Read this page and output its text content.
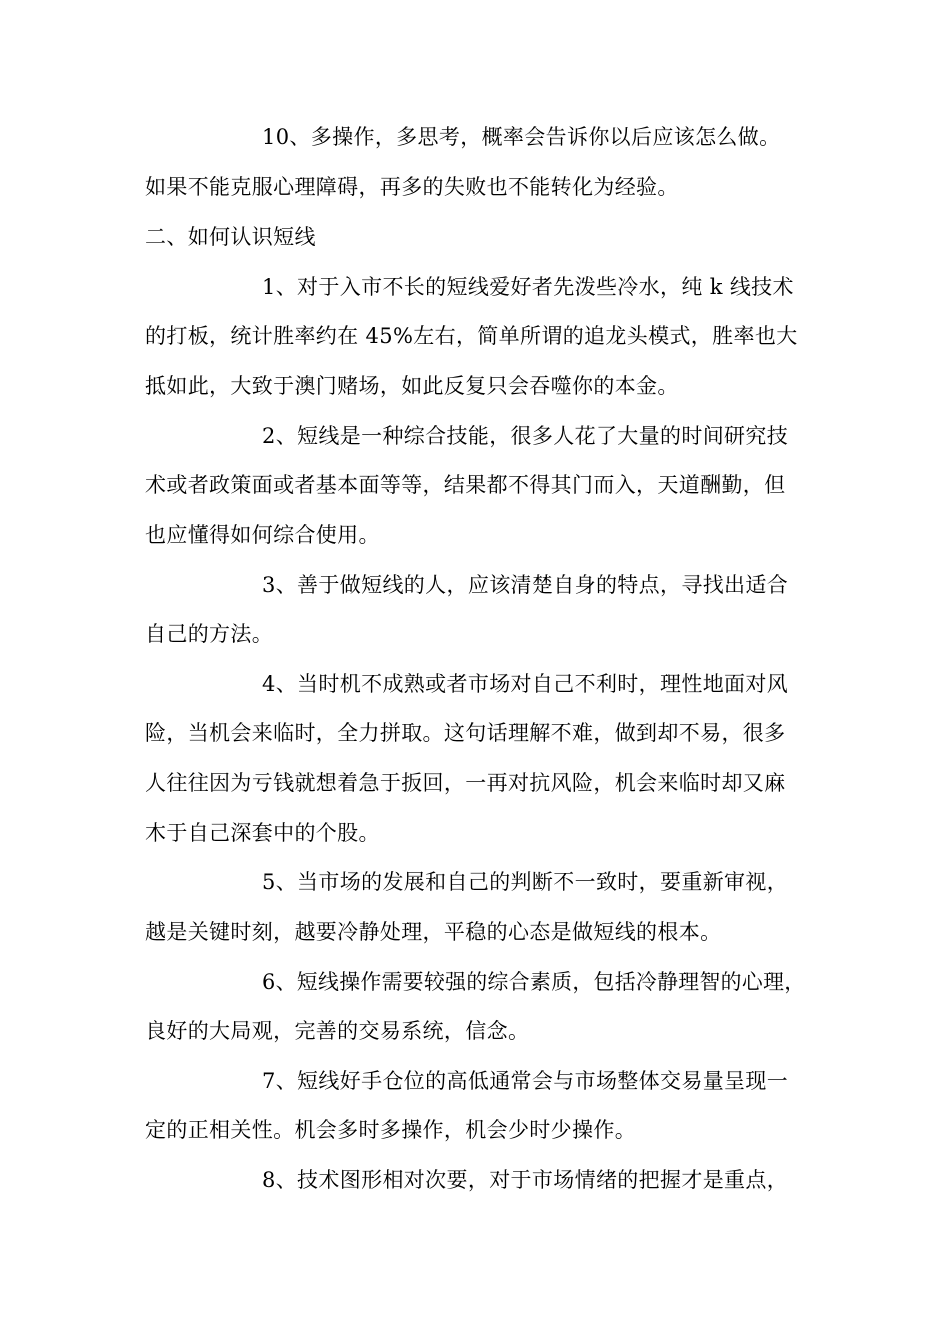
10、多操作，多思考，概率会告诉你以后应该怎么做。
如果不能克服心理障碍，再多的失败也不能转化为经验。
二、如何认识短线
1、对于入市不长的短线爱好者先泼些冷水，纯 k 线技术
的打板，统计胜率约在 45%左右，简单所谓的追龙头模式，胜率也大
抵如此，大致于澳门赌场，如此反复只会吞噬你的本金。
2、短线是一种综合技能，很多人花了大量的时间研究技
术或者政策面或者基本面等等，结果都不得其门而入，天道酬勤，但
也应懂得如何综合使用。
3、善于做短线的人，应该清楚自身的特点，寻找出适合
自己的方法。
4、当时机不成熟或者市场对自己不利时，理性地面对风
险，当机会来临时，全力拼取。这句话理解不难，做到却不易，很多
人往往因为亏钱就想着急于扳回，一再对抗风险，机会来临时却又麻
木于自己深套中的个股。
5、当市场的发展和自己的判断不一致时，要重新审视，
越是关键时刻，越要冷静处理，平稳的心态是做短线的根本。
6、短线操作需要较强的综合素质，包括冷静理智的心理，
良好的大局观，完善的交易系统，信念。
7、短线好手仓位的高低通常会与市场整体交易量呈现一
定的正相关性。机会多时多操作，机会少时少操作。
8、技术图形相对次要，对于市场情绪的把握才是重点，
